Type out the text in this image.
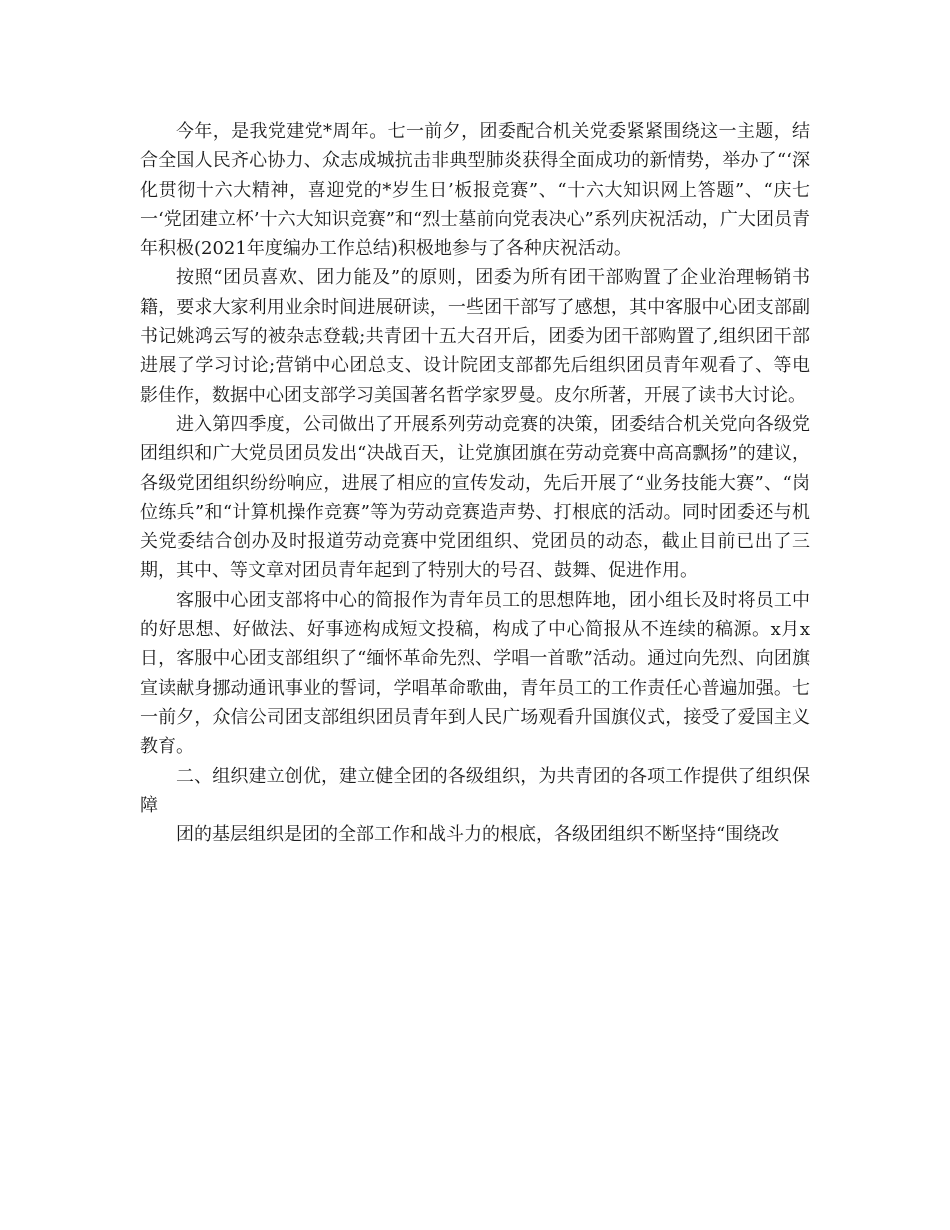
今年，是我党建党*周年。七一前夕，团委配合机关党委紧紧围绕这一主题，结合全国人民齐心协力、众志成城抗击非典型肺炎获得全面成功的新情势，举办了“‘深化贯彻十六大精神，喜迎党的*岁生日’板报竞赛”、“十六大知识网上答题”、“庆七一‘党团建立杯’十六大知识竞赛”和“烈士墓前向党表决心”系列庆祝活动，广大团员青年积极(2021年度编办工作总结)积极地参与了各种庆祝活动。

按照“团员喜欢、团力能及”的原则，团委为所有团干部购置了企业治理畅销书籍，要求大家利用业余时间进展研读，一些团干部写了感想，其中客服中心团支部副书记姚鸿云写的被杂志登载;共青团十五大召开后，团委为团干部购置了,组织团干部进展了学习讨论;营销中心团总支、设计院团支部都先后组织团员青年观看了、等电影佳作，数据中心团支部学习美国著名哲学家罗曼。皮尔所著，开展了读书大讨论。

进入第四季度，公司做出了开展系列劳动竞赛的决策，团委结合机关党向各级党团组织和广大党员团员发出“决战百天，让党旗团旗在劳动竞赛中高高飘扬”的建议，各级党团组织纷纷响应，进展了相应的宣传发动，先后开展了“业务技能大赛”、“岗位练兵”和“计算机操作竞赛”等为劳动竞赛造声势、打根底的活动。同时团委还与机关党委结合创办及时报道劳动竞赛中党团组织、党团员的动态，截止目前已出了三期，其中、等文章对团员青年起到了特别大的号召、鼓舞、促进作用。

客服中心团支部将中心的简报作为青年员工的思想阵地，团小组长及时将员工中的好思想、好做法、好事迹构成短文投稿，构成了中心简报从不连续的稿源。x月x日，客服中心团支部组织了“缅怀革命先烈、学唱一首歌”活动。通过向先烈、向团旗宣读献身挪动通讯事业的誓词，学唱革命歌曲，青年员工的工作责任心普遍加强。七一前夕，众信公司团支部组织团员青年到人民广场观看升国旗仪式，接受了爱国主义教育。

二、组织建立创优，建立健全团的各级组织，为共青团的各项工作提供了组织保障

团的基层组织是团的全部工作和战斗力的根底，各级团组织不断坚持“围绕改
